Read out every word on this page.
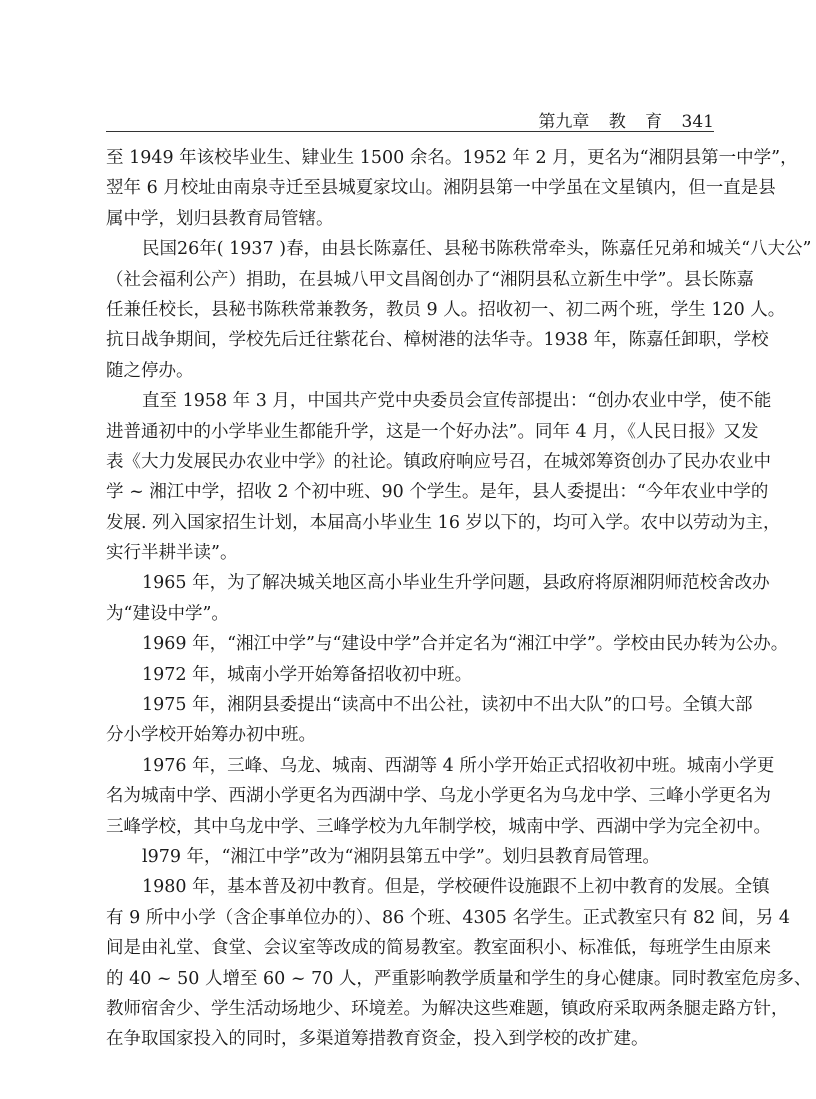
第九章 教 育 341
至 1949 年该校毕业生、肄业生 1500 余名。1952 年 2 月，更名为“湘阴县第一中学”，
翌年 6 月校址由南泉寺迁至县城夏家坟山。湘阴县第一中学虽在文星镇内，但一直是县
属中学，划归县教育局管辖。
民国26年( 1937 )春，由县长陈嘉任、县秘书陈秩常牵头，陈嘉任兄弟和城关“八大公”
（社会福利公产）捐助，在县城八甲文昌阁创办了“湘阴县私立新生中学”。县长陈嘉
任兼任校长，县秘书陈秩常兼教务，教员 9 人。招收初一、初二两个班，学生 120 人。
抗日战争期间，学校先后迁往紫花台、樟树港的法华寺。1938 年，陈嘉任卸职，学校
随之停办。
直至 1958 年 3 月，中国共产党中央委员会宣传部提出：“创办农业中学，使不能
进普通初中的小学毕业生都能升学，这是一个好办法”。同年 4 月，《人民日报》又发
表《大力发展民办农业中学》的社论。镇政府响应号召，在城郊筹资创办了民办农业中
学 ~ 湘江中学，招收 2 个初中班、90 个学生。是年，县人委提出：“今年农业中学的
发展. 列入国家招生计划，本届高小毕业生 16 岁以下的，均可入学。农中以劳动为主，
实行半耕半读”。
1965 年，为了解决城关地区高小毕业生升学问题，县政府将原湘阴师范校舍改办
为“建设中学”。
1969 年，“湘江中学”与“建设中学”合并定名为“湘江中学”。学校由民办转为公办。
1972 年，城南小学开始筹备招收初中班。
1975 年，湘阴县委提出“读高中不出公社，读初中不出大队”的口号。全镇大部
分小学校开始筹办初中班。
1976 年，三峰、乌龙、城南、西湖等 4 所小学开始正式招收初中班。城南小学更
名为城南中学、西湖小学更名为西湖中学、乌龙小学更名为乌龙中学、三峰小学更名为
三峰学校，其中乌龙中学、三峰学校为九年制学校，城南中学、西湖中学为完全初中。
l979 年，“湘江中学”改为“湘阴县第五中学”。划归县教育局管理。
1980 年，基本普及初中教育。但是，学校硬件设施跟不上初中教育的发展。全镇
有 9 所中小学（含企事单位办的）、86 个班、4305 名学生。正式教室只有 82 间，另 4
间是由礼堂、食堂、会议室等改成的简易教室。教室面积小、标准低，每班学生由原来
的 40 ~ 50 人增至 60 ~ 70 人，严重影响教学质量和学生的身心健康。同时教室危房多、
教师宿舍少、学生活动场地少、环境差。为解决这些难题，镇政府采取两条腿走路方针，
在争取国家投入的同时，多渠道筹措教育资金，投入到学校的改扩建。
